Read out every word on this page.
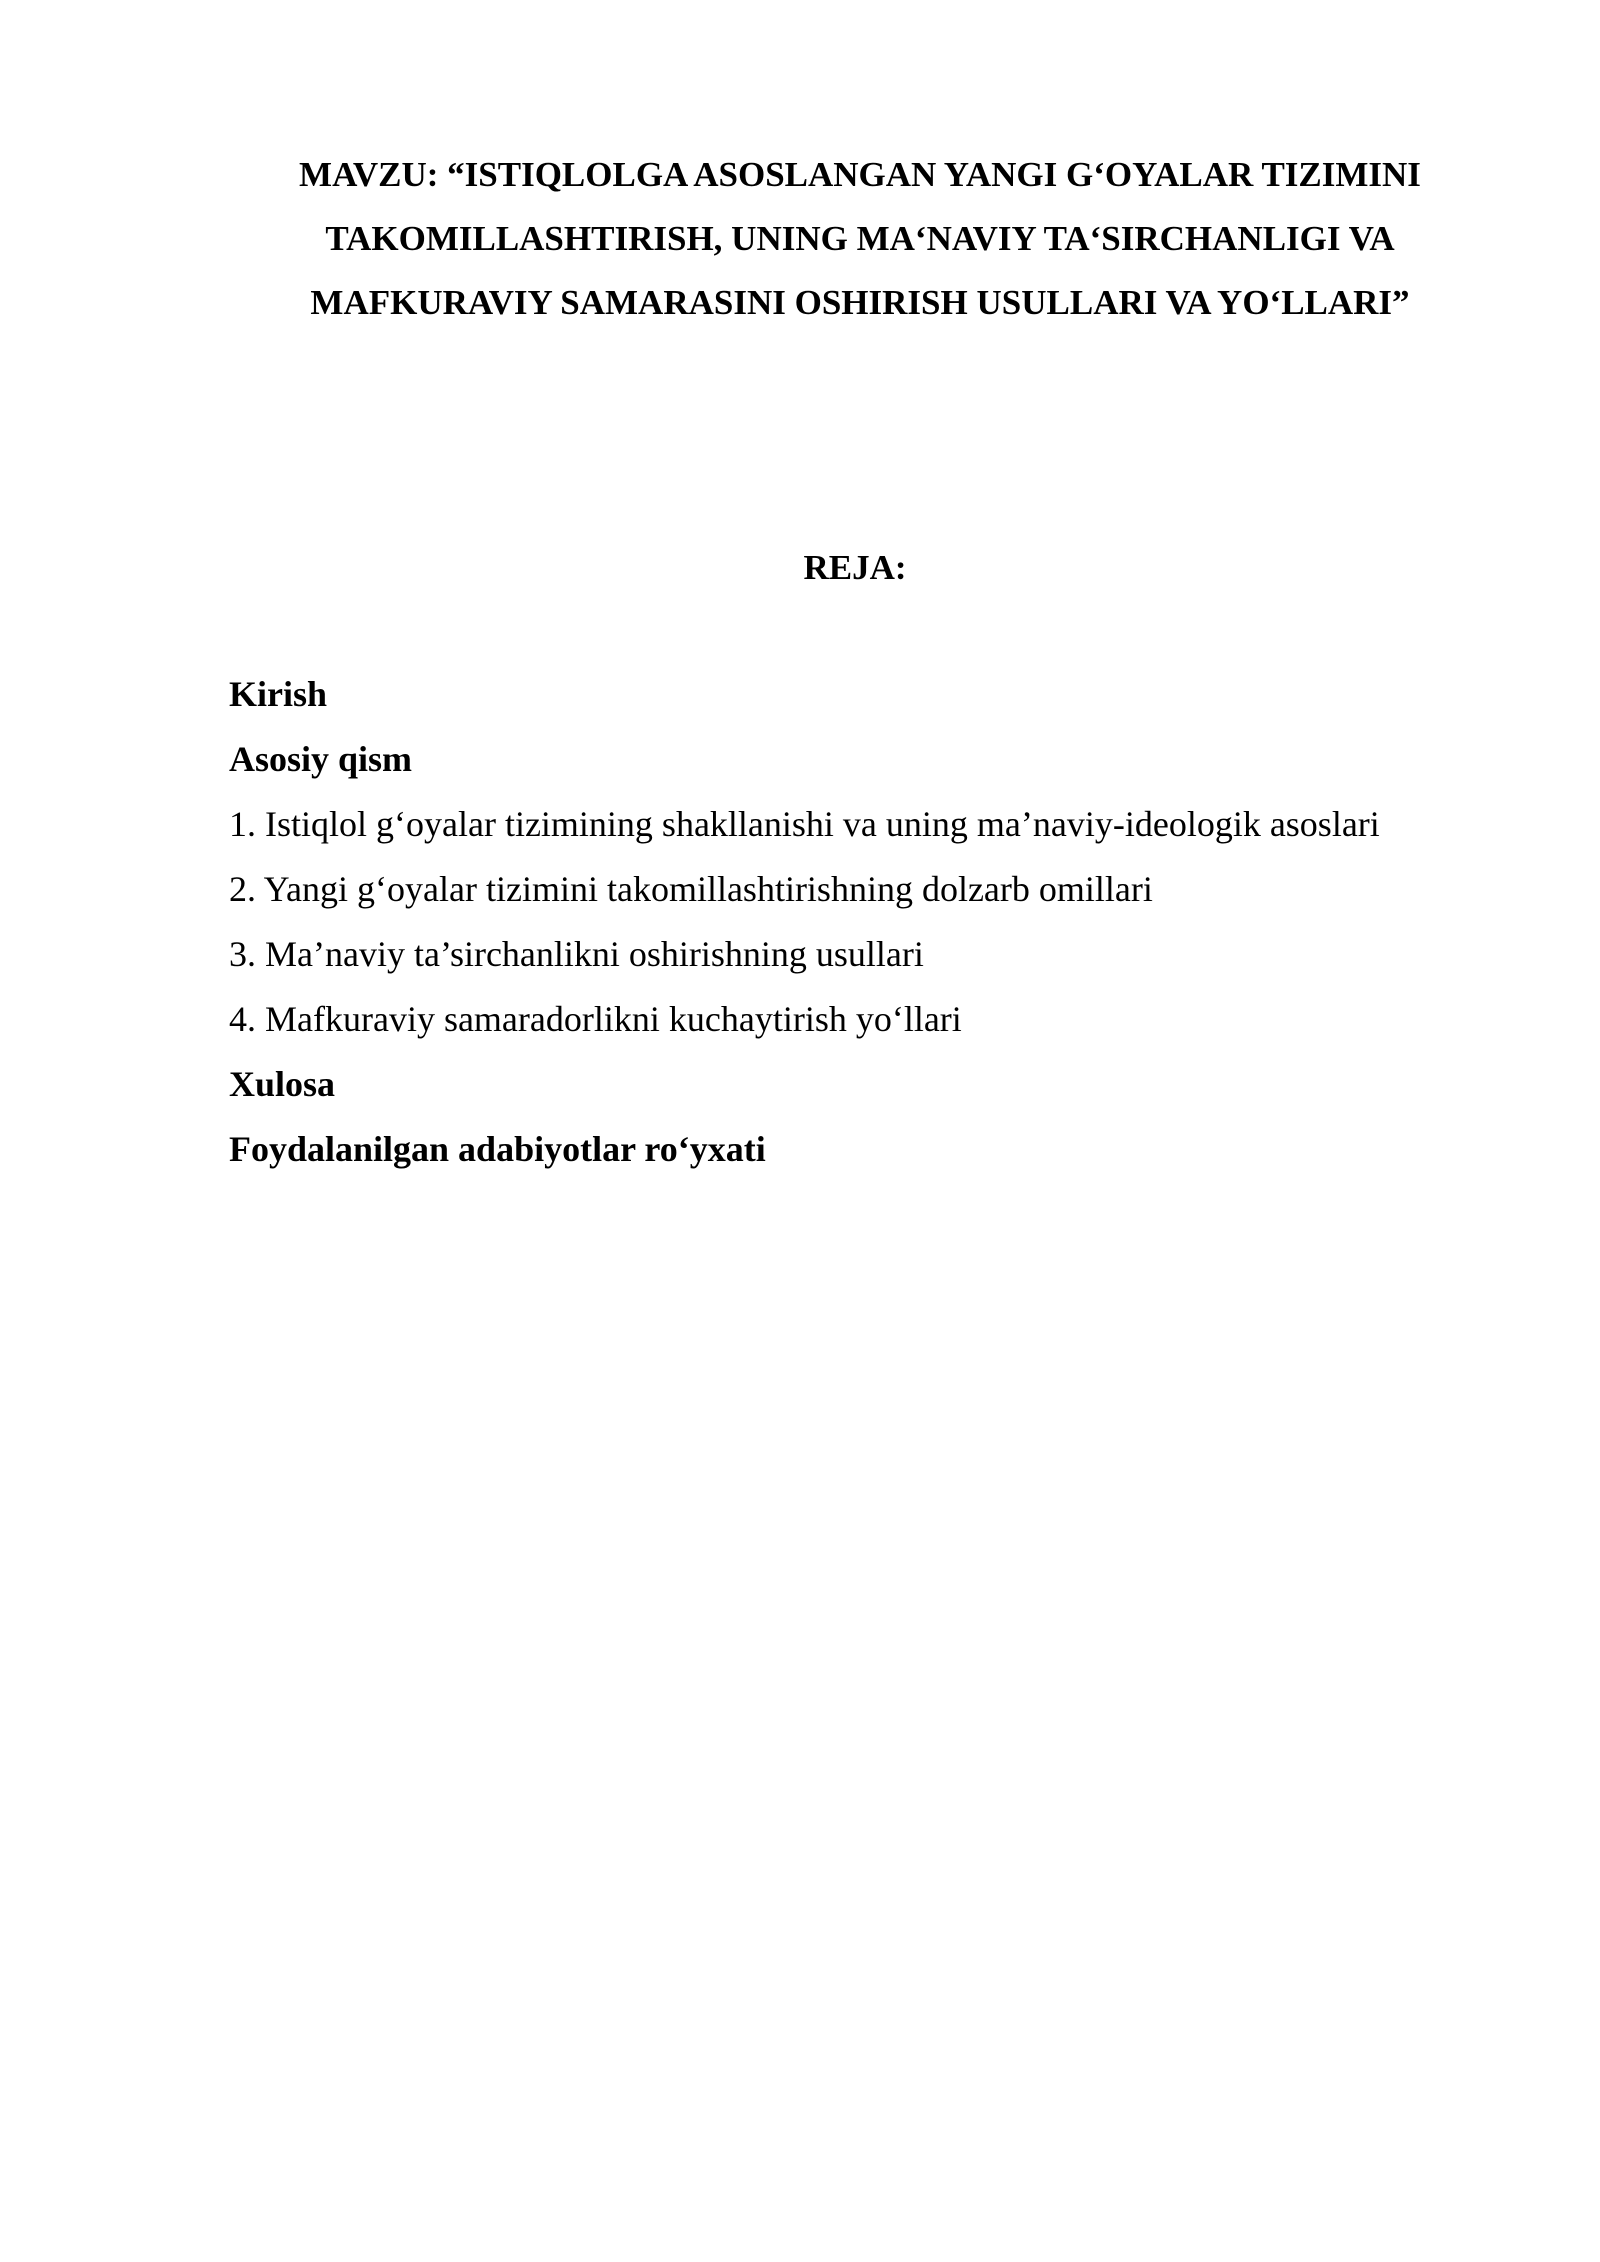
MAVZU: “ISTIQLOLGA ASOSLANGAN YANGI G‘OYALAR TIZIMINI
TAKOMILLASHTIRISH, UNING MA‘NAVIY TA‘SIRCHANLIGI VA
MAFKURAVIY SAMARASINI OSHIRISH USULLARI VA YO‘LLARI”
REJA:
Kirish
Asosiy qism
1. Istiqlol g‘oyalar tizimining shakllanishi va uning ma’naviy-ideologik asoslari
2. Yangi g‘oyalar tizimini takomillashtirishning dolzarb omillari
3. Ma’naviy ta’sirchanlikni oshirishning usullari
4. Mafkuraviy samaradorlikni kuchaytirish yo‘llari
Xulosa
Foydalanilgan adabiyotlar ro‘yxati
